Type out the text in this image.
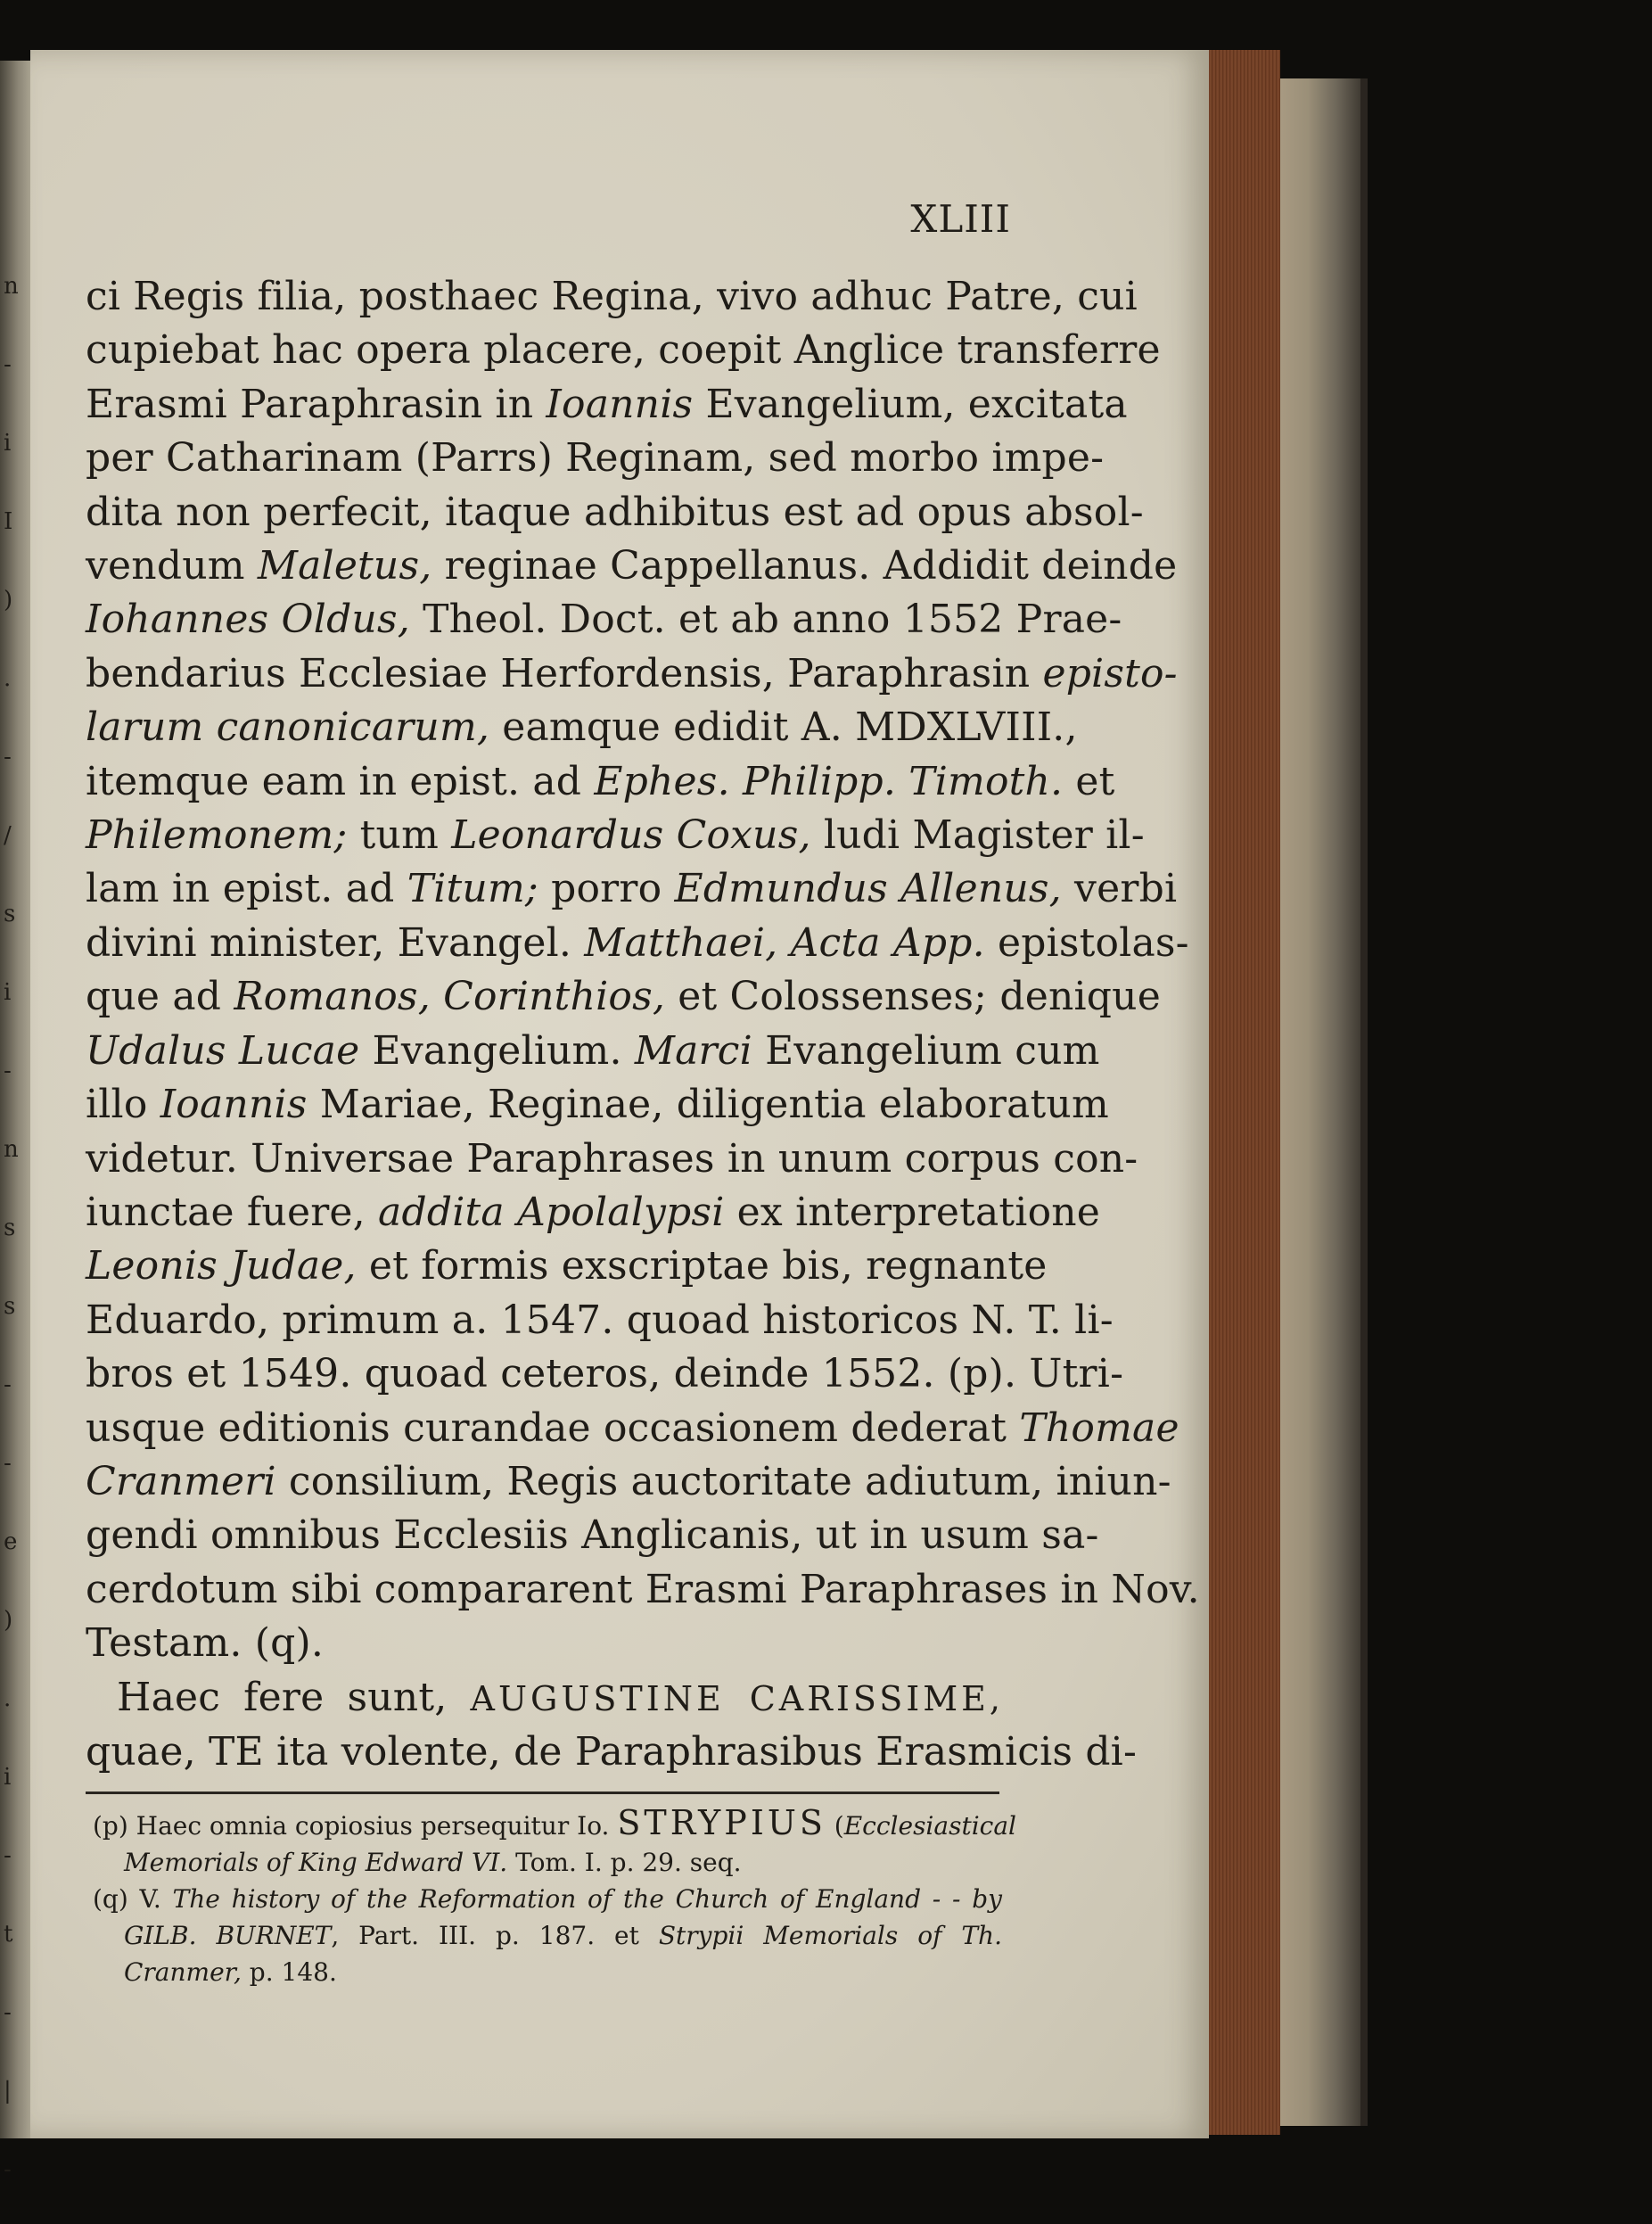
n
-
i
I
)
.
-
/
s
i
-
n
s
s
-
-
e
)
.
i
-
t
-
|
-
XLIII
ci Regis filia, posthaec Regina, vivo adhuc Patre, cui
cupiebat hac opera placere, coepit Anglice transferre
Erasmi Paraphrasin in Ioannis Evangelium, excitata
per Catharinam (Parrs) Reginam, sed morbo impe-
dita non perfecit, itaque adhibitus est ad opus absol-
vendum Maletus, reginae Cappellanus. Addidit deinde
Iohannes Oldus, Theol. Doct. et ab anno 1552 Prae-
bendarius Ecclesiae Herfordensis, Paraphrasin episto-
larum canonicarum, eamque edidit A. MDXLVIII.,
itemque eam in epist. ad Ephes. Philipp. Timoth. et
Philemonem; tum Leonardus Coxus, ludi Magister il-
lam in epist. ad Titum; porro Edmundus Allenus, verbi
divini minister, Evangel. Matthaei, Acta App. epistolas-
que ad Romanos, Corinthios, et Colossenses; denique
Udalus Lucae Evangelium. Marci Evangelium cum
illo Ioannis Mariae, Reginae, diligentia elaboratum
videtur. Universae Paraphrases in unum corpus con-
iunctae fuere, addita Apolalypsi ex interpretatione
Leonis Judae, et formis exscriptae bis, regnante
Eduardo, primum a. 1547. quoad historicos N. T. li-
bros et 1549. quoad ceteros, deinde 1552. (p). Utri-
usque editionis curandae occasionem dederat Thomae
Cranmeri consilium, Regis auctoritate adiutum, iniun-
gendi omnibus Ecclesiis Anglicanis, ut in usum sa-
cerdotum sibi compararent Erasmi Paraphrases in Nov.
Testam. (q).
Haec fere sunt, AUGUSTINE CARISSIME,
quae, TE ita volente, de Paraphrasibus Erasmicis di-
(p) Haec omnia copiosius persequitur Io. STRYPIUS (Ecclesiastical
Memorials of King Edward VI. Tom. I. p. 29. seq.
(q) V. The history of the Reformation of the Church of England - - by
GILB. BURNET, Part. III. p. 187. et Strypii Memorials of Th.
Cranmer, p. 148.
